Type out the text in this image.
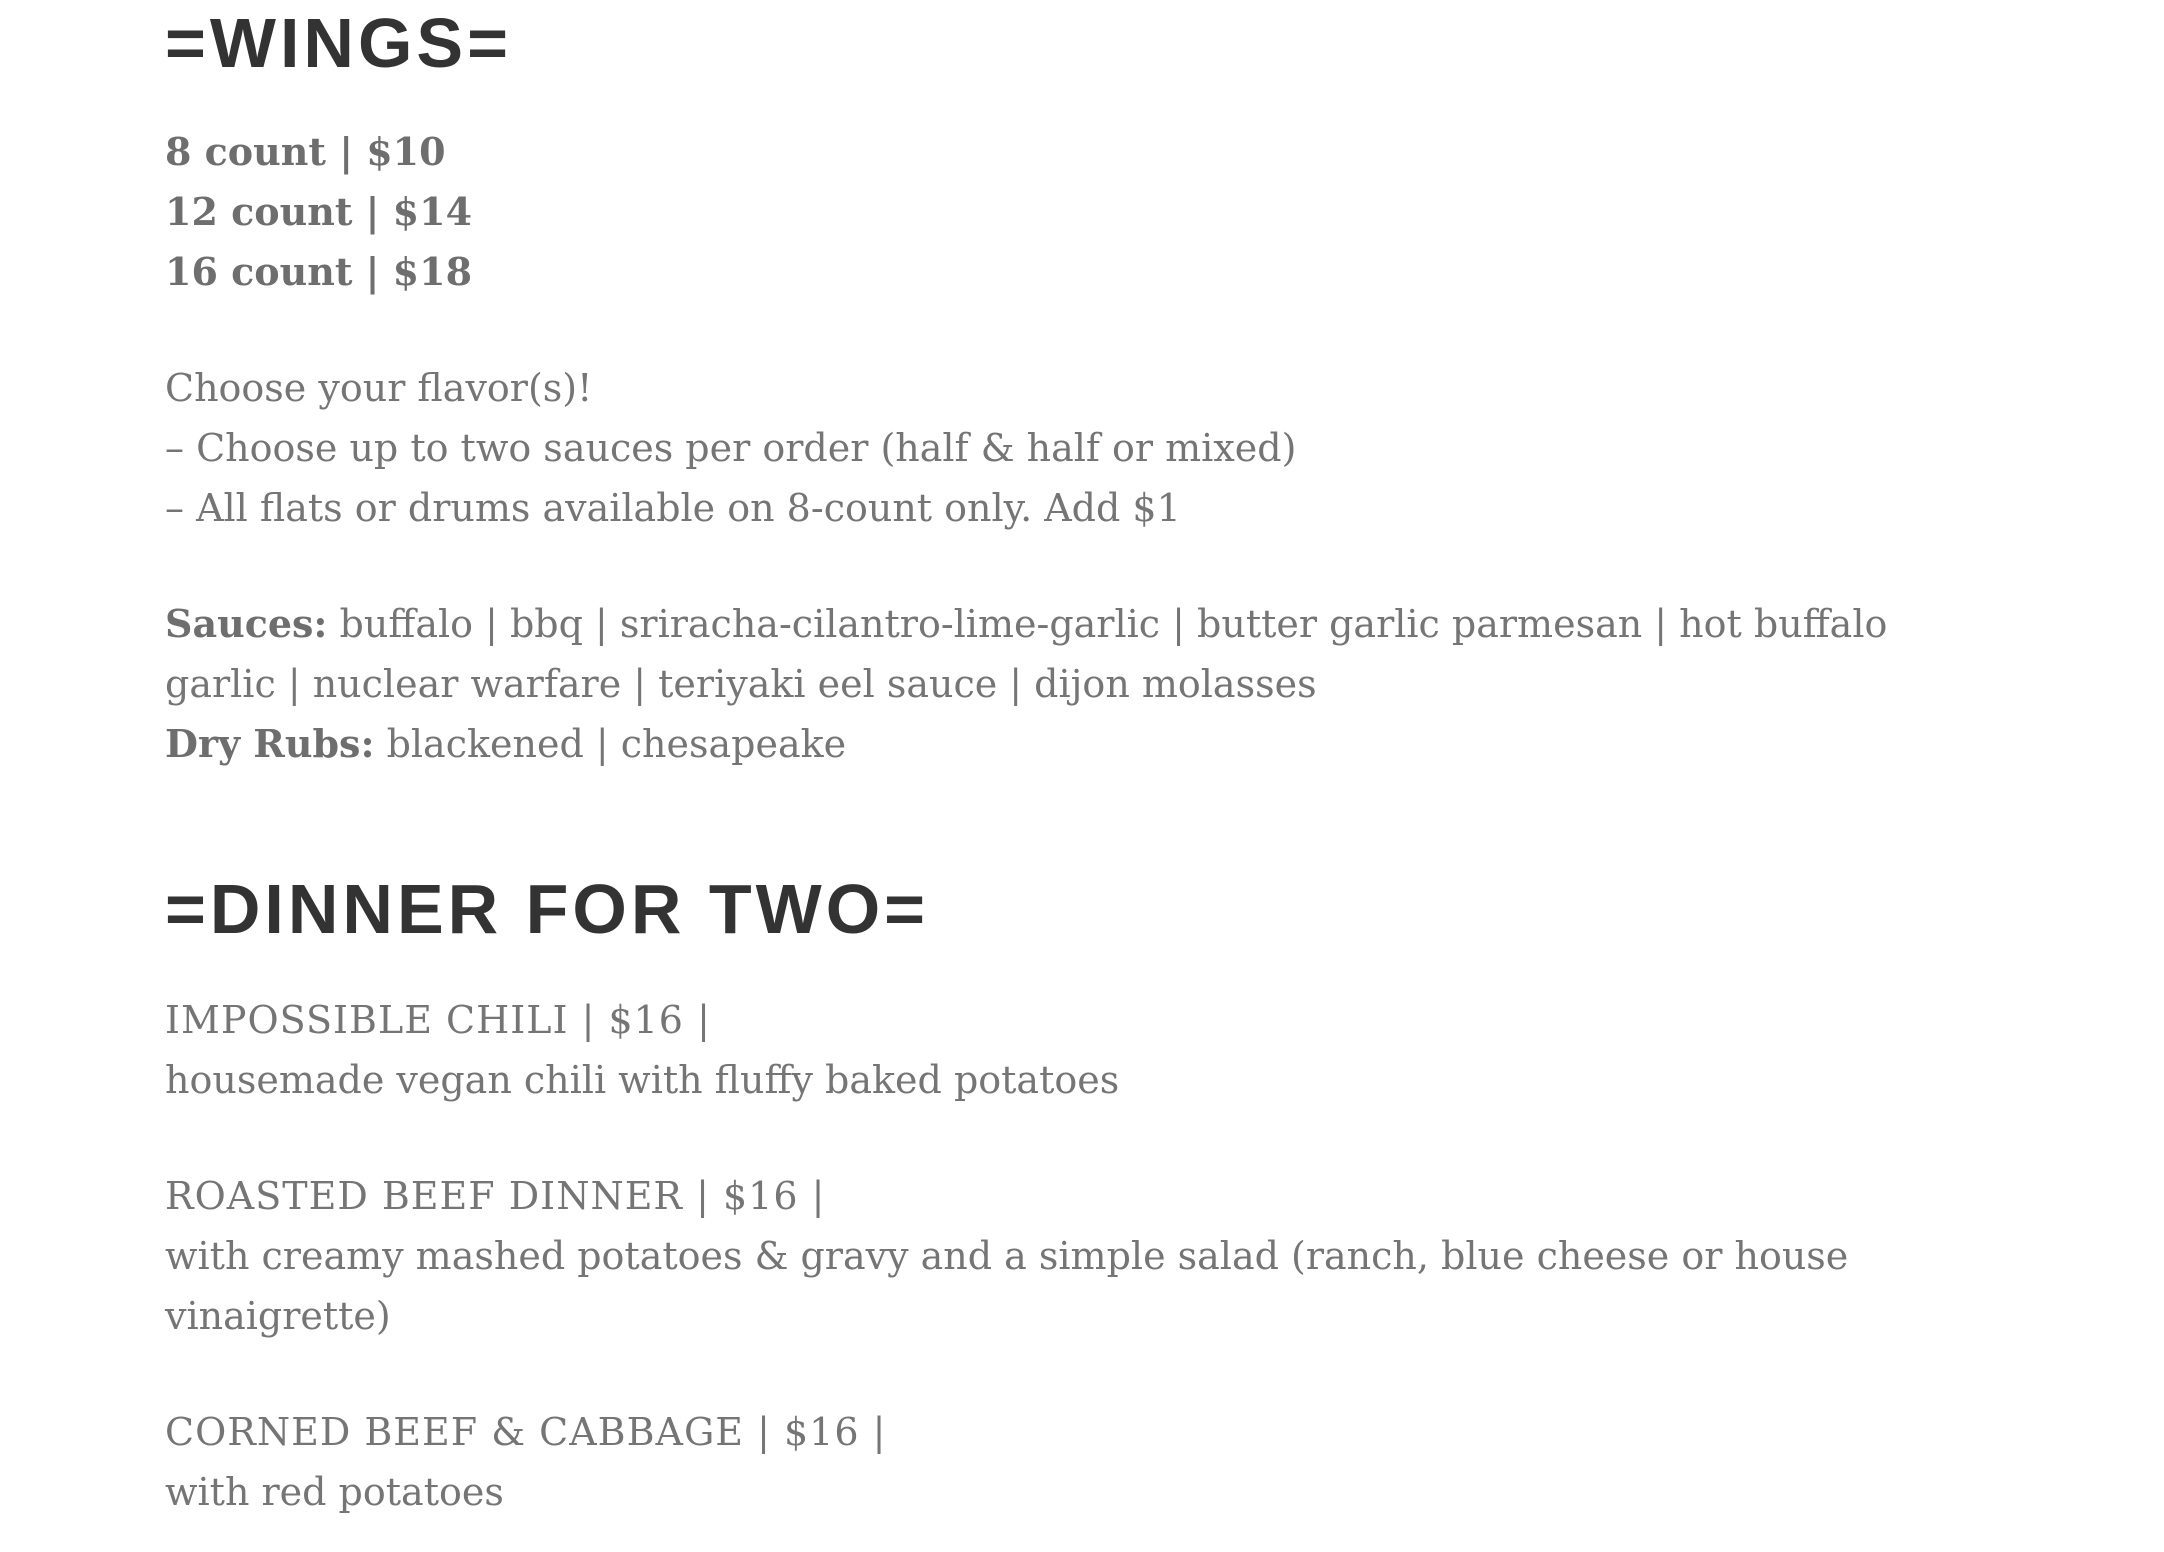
=WINGS=
8 count | $10
12 count | $14
16 count | $18
Choose your flavor(s)!
– Choose up to two sauces per order (half & half or mixed)
– All flats or drums available on 8-count only. Add $1
Sauces: buffalo | bbq | sriracha-cilantro-lime-garlic | butter garlic parmesan | hot buffalo garlic | nuclear warfare | teriyaki eel sauce | dijon molasses
Dry Rubs: blackened | chesapeake
=DINNER FOR TWO=
IMPOSSIBLE CHILI | $16 |
housemade vegan chili with fluffy baked potatoes
ROASTED BEEF DINNER | $16 |
with creamy mashed potatoes & gravy and a simple salad (ranch, blue cheese or house vinaigrette)
CORNED BEEF & CABBAGE | $16 |
with red potatoes
